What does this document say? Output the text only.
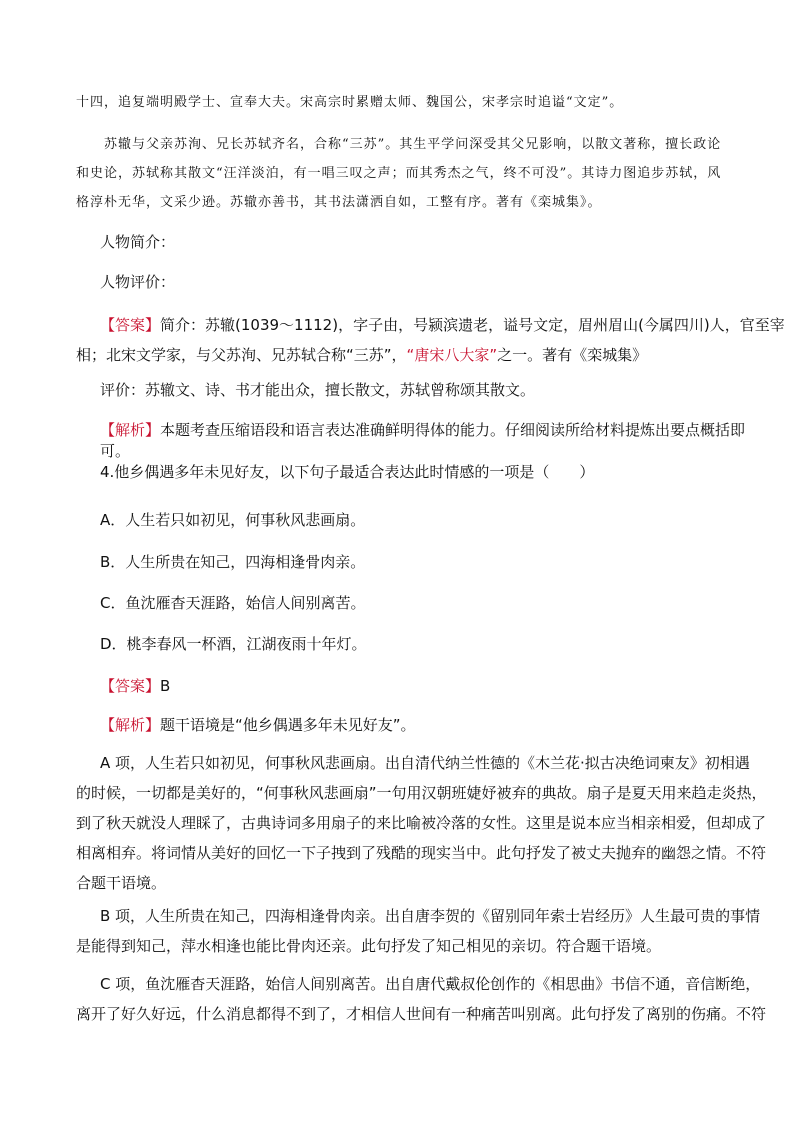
十四，追复端明殿学士、宣奉大夫。宋高宗时累赠太师、魏国公，宋孝宗时追谥“文定”。
苏辙与父亲苏洵、兄长苏轼齐名，合称“三苏”。其生平学问深受其父兄影响，以散文著称，擅长政论
和史论，苏轼称其散文“汪洋淡泊，有一唱三叹之声；而其秀杰之气，终不可没”。其诗力图追步苏轼，风
格淳朴无华，文采少逊。苏辙亦善书，其书法潇洒自如，工整有序。著有《栾城集》。
人物简介：
人物评价：
【答案】简介：苏辙(1039～1112)，字子由，号颍滨遗老，谥号文定，眉州眉山(今属四川)人，官至宰
相；北宋文学家，与父苏洵、兄苏轼合称“三苏”，“唐宋八大家”之一。著有《栾城集》
评价：苏辙文、诗、书才能出众，擅长散文，苏轼曾称颂其散文。
【解析】本题考查压缩语段和语言表达准确鲜明得体的能力。仔细阅读所给材料提炼出要点概括即可。
4.他乡偶遇多年未见好友，以下句子最适合表达此时情感的一项是（　　）
A．人生若只如初见，何事秋风悲画扇。
B．人生所贵在知己，四海相逢骨肉亲。
C．鱼沈雁杳天涯路，始信人间别离苦。
D．桃李春风一杯酒，江湖夜雨十年灯。
【答案】B
【解析】题干语境是“他乡偶遇多年未见好友”。
A 项，人生若只如初见，何事秋风悲画扇。出自清代纳兰性德的《木兰花·拟古决绝词柬友》初相遇
的时候，一切都是美好的，“何事秋风悲画扇”一句用汉朝班婕妤被弃的典故。扇子是夏天用来趋走炎热，
到了秋天就没人理睬了，古典诗词多用扇子的来比喻被冷落的女性。这里是说本应当相亲相爱，但却成了
相离相弃。将词情从美好的回忆一下子拽到了残酷的现实当中。此句抒发了被丈夫抛弃的幽怨之情。不符
合题干语境。
B 项，人生所贵在知己，四海相逢骨肉亲。出自唐李贺的《留别同年索士岩经历》人生最可贵的事情
是能得到知己，萍水相逢也能比骨肉还亲。此句抒发了知己相见的亲切。符合题干语境。
C 项，鱼沈雁杳天涯路，始信人间别离苦。出自唐代戴叔伦创作的《相思曲》书信不通，音信断绝，
离开了好久好远，什么消息都得不到了，才相信人世间有一种痛苦叫别离。此句抒发了离别的伤痛。不符
